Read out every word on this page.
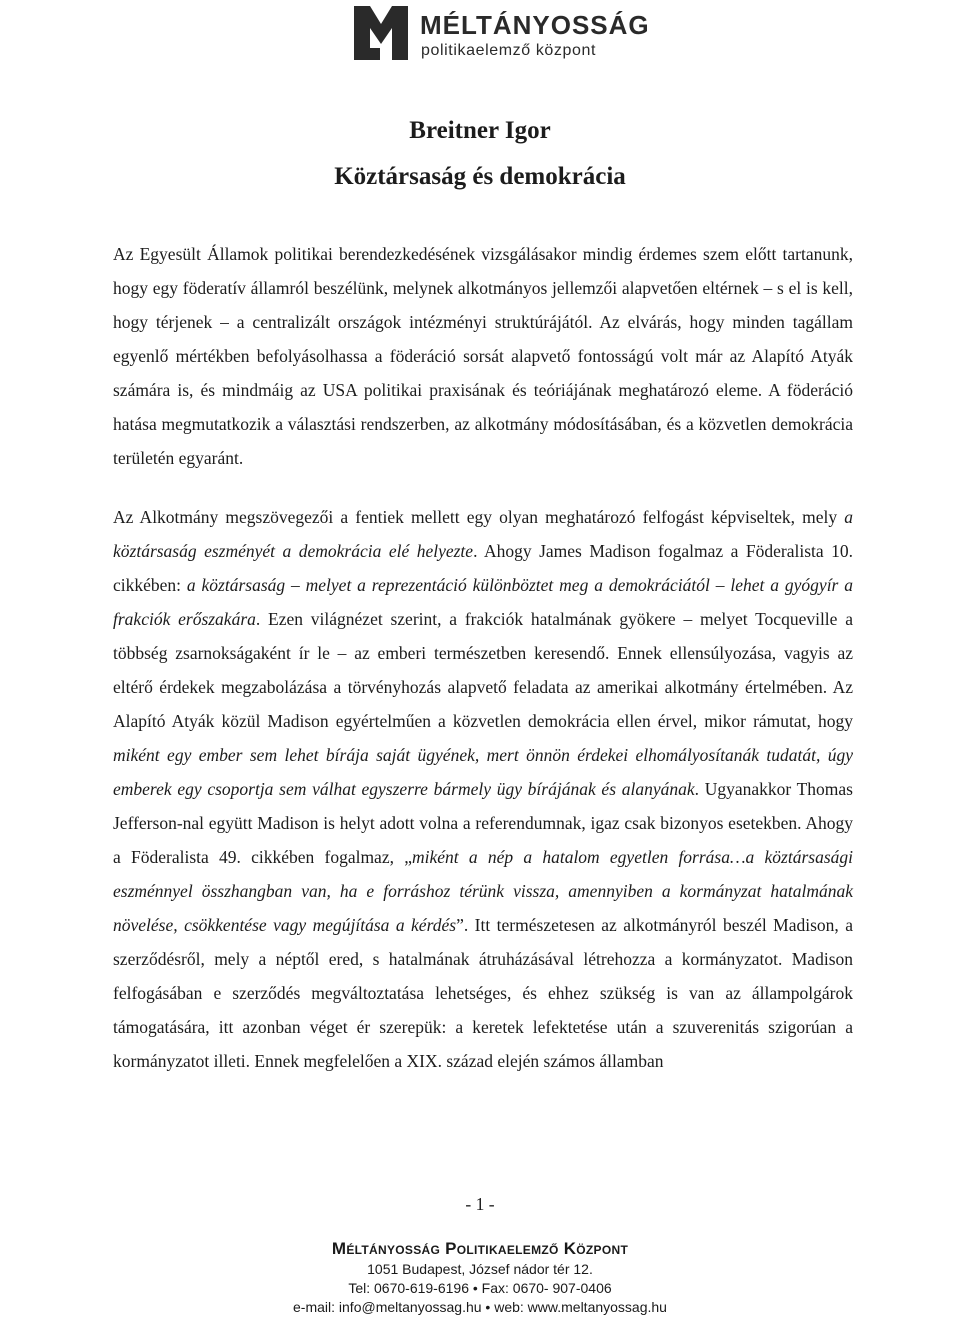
MÉLTÁNYOSSÁG
politikaelemző központ
Breitner Igor
Köztársaság és demokrácia

Az Egyesült Államok politikai berendezkedésének vizsgálásakor mindig érdemes szem előtt tartanunk, hogy egy föderatív államról beszélünk, melynek alkotmányos jellemzői alapvetően eltérnek – s el is kell, hogy térjenek – a centralizált országok intézményi struktúrájától. Az elvárás, hogy minden tagállam egyenlő mértékben befolyásolhassa a föderáció sorsát alapvető fontosságú volt már az Alapító Atyák számára is, és mindmáig az USA politikai praxisának és teóriájának meghatározó eleme. A föderáció hatása megmutatkozik a választási rendszerben, az alkotmány módosításában, és a közvetlen demokrácia területén egyaránt.

Az Alkotmány megszövegezői a fentiek mellett egy olyan meghatározó felfogást képviseltek, mely a köztársaság eszményét a demokrácia elé helyezte. Ahogy James Madison fogalmaz a Föderalista 10. cikkében: a köztársaság – melyet a reprezentáció különböztet meg a demokráciától – lehet a gyógyír a frakciók erőszakára. Ezen világnézet szerint, a frakciók hatalmának gyökere – melyet Tocqueville a többség zsarnokságaként ír le – az emberi természetben keresendő. Ennek ellensúlyozása, vagyis az eltérő érdekek megzabolázása a törvényhozás alapvető feladata az amerikai alkotmány értelmében. Az Alapító Atyák közül Madison egyértelműen a közvetlen demokrácia ellen érvel, mikor rámutat, hogy miként egy ember sem lehet bírája saját ügyének, mert önnön érdekei elhomályosítanák tudatát, úgy emberek egy csoportja sem válhat egyszerre bármely ügy bírájának és alanyának. Ugyanakkor Thomas Jefferson-nal együtt Madison is helyt adott volna a referendumnak, igaz csak bizonyos esetekben. Ahogy a Föderalista 49. cikkében fogalmaz, „miként a nép a hatalom egyetlen forrása…a köztársasági eszménnyel összhangban van, ha e forráshoz térünk vissza, amennyiben a kormányzat hatalmának növelése, csökkentése vagy megújítása a kérdés”. Itt természetesen az alkotmányról beszél Madison, a szerződésről, mely a néptől ered, s hatalmának átruházásával létrehozza a kormányzatot. Madison felfogásában e szerződés megváltoztatása lehetséges, és ehhez szükség is van az állampolgárok támogatására, itt azonban véget ér szerepük: a keretek lefektetése után a szuverenitás szigorúan a kormányzatot illeti. Ennek megfelelően a XIX. század elején számos államban

- 1 -
Méltányosság Politikaelemző Központ
1051 Budapest, József nádor tér 12.
Tel: 0670-619-6196 • Fax: 0670- 907-0406
e-mail: info@meltanyossag.hu • web: www.meltanyossag.hu
